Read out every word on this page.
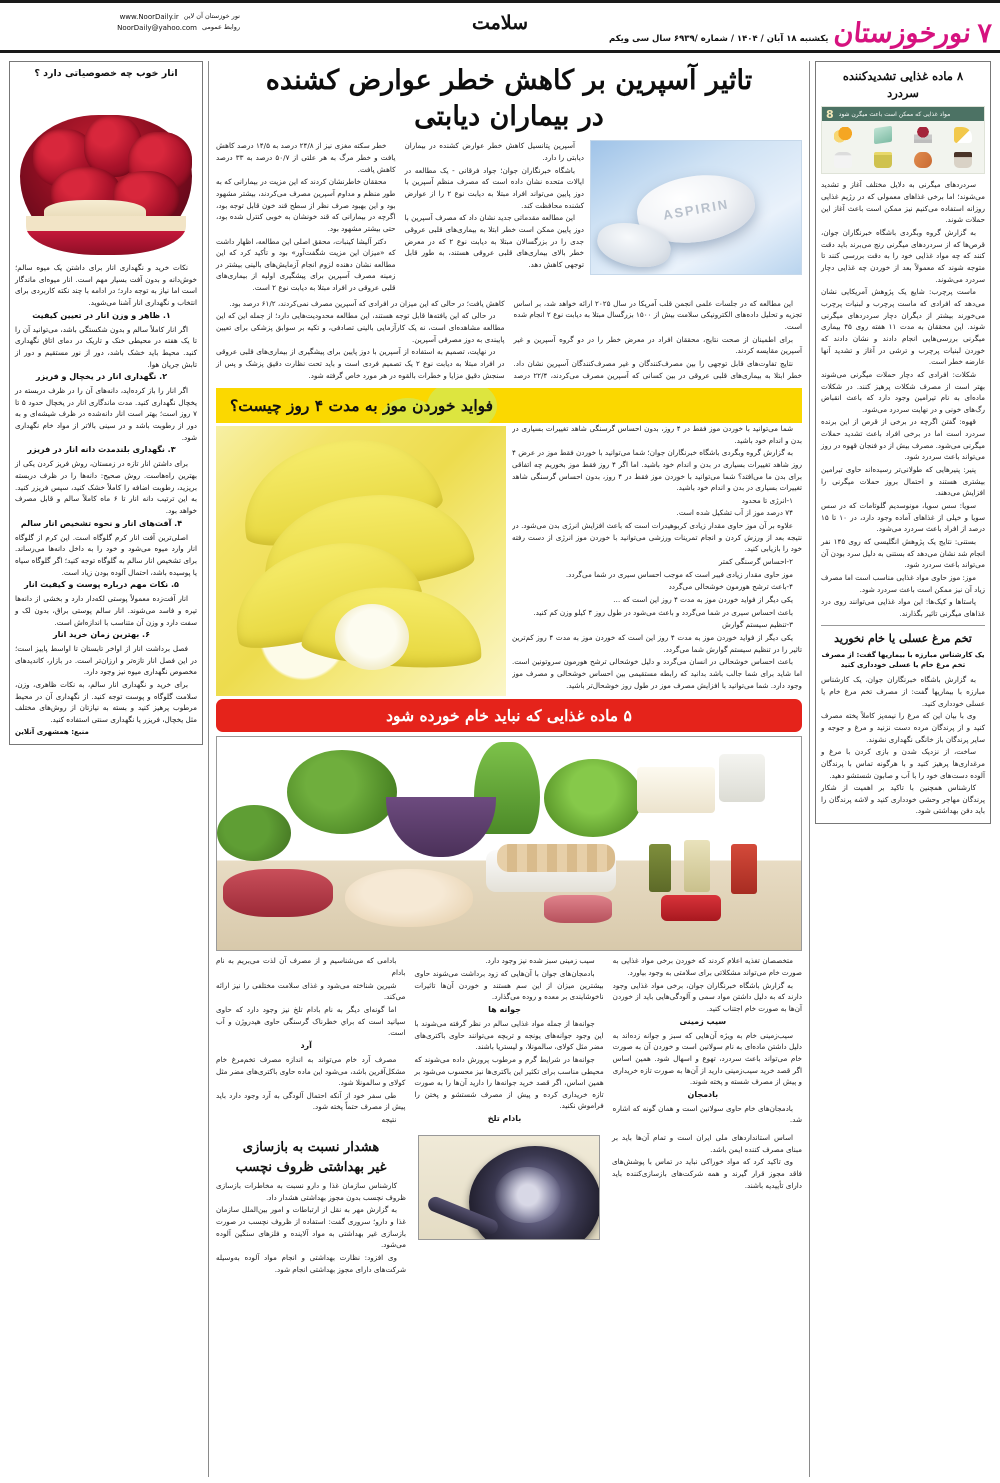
۷
نورخوزستان
یکشنبه ۱۸ آبان / ۱۴۰۴ / شماره /۶۹۳۹ سال سی ویکم
سلامت
www.NoorDaily.ir نور خوزستان آن لاین
NoorDaily@yahoo.com روابط عمومی
۸ ماده غذایی تشدیدکننده
سردرد
مواد غذایی که ممکن است باعث میگرن شود
8

سردردهای میگرنی به دلایل مختلف آغاز و تشدید می‌شوند؛ اما برخی غذاهای معمولی که در رژیم غذایی روزانه استفاده می‌کنیم نیز ممکن است باعث آغاز این حملات شوند.

به گزارش گروه وبگردی باشگاه خبرنگاران جوان، قرص‌ها که از سردردهای میگرنی رنج می‌برند باید دقت کنند که چه مواد غذایی خود را به دقت بررسی کنند تا متوجه شوند که معمولاً بعد از خوردن چه غذایی دچار سردرد می‌شوند.

ماست پرچرب: شایع یک پژوهش آمریکایی نشان می‌دهد که افرادی که ماست پرچرب و لبنیات پرچرب می‌خورند بیشتر از دیگران دچار سردردهای میگرنی شوند. این محققان به مدت ۱۱ هفته روی ۴۵ بیماری میگرنی بررسی‌هایی انجام دادند و نشان دادند که خوردن لبنیات پرچرب و ترشی در آغاز و تشدید آنها عارضه خطر است.

شکلات: افرادی که دچار حملات میگرنی می‌شوند بهتر است از مصرف شکلات پرهیز کنند. در شکلات ماده‌ای به نام تیرامین وجود دارد که باعث انقباض رگ‌های خونی و در نهایت سردرد می‌شود.

قهوه: گفتن اگرچه در برخی از قرص از این برنده سردرد است اما در برخی افراد باعث تشدید حملات میگرنی می‌شود. مصرف بیش از دو فنجان قهوه در روز می‌تواند باعث سردرد شود.

پنیر: پنیرهایی که طولانی‌تر رسیده‌اند حاوی تیرامین بیشتری هستند و احتمال بروز حملات میگرنی را افزایش می‌دهند.

سویا: سس سویا، مونوسدیم گلوتامات که در سس سویا و خیلی از غذاهای آماده وجود دارد، در ۱۰ تا ۱۵ درصد از افراد باعث سردرد می‌شود.

بستنی: نتایج یک پژوهش انگلیسی که روی ۱۴۵ نفر انجام شد نشان می‌دهد که بستنی به دلیل سرد بودن آن می‌تواند باعث سردرد شود.

موز: موز حاوی مواد غذایی مناسب است اما مصرف زیاد آن نیز ممکن است باعث سردرد شود.

پاستاها و کیک‌ها: این مواد غذایی می‌توانند روی درد غذاهای میگرنی تاثیر بگذارند.

تخم مرغ عسلی یا خام نخورید
یک کارشناس مبارزه با بیماریها گفت: از مصرف تخم مرغ خام یا عسلی خودداری کنید

به گزارش باشگاه خبرنگاران جوان، یک کارشناس مبارزه با بیماریها گفت: از مصرف تخم مرغ خام یا عسلی خودداری کنید.

وی با بیان این که مرغ را نیمه‌پز کاملاً پخته مصرف کنید و از پرندگان مرده دست نزنید و مرغ و جوجه و سایر پرندگان باز خانگی نگهداری نشوند.

ساخت، از نزدیک شدن و بازی کردن با مرغ و مرغداری‌ها پرهیز کنید و با هرگونه تماس با پرندگان آلوده دست‌های خود را با آب و صابون شستشو دهید.

کارشناس همچنین با تاکید بر اهمیت از شکار پرندگان مهاجر وحشی خودداری کنید و لاشه پرندگان را باید دفن بهداشتی شود.

تاثیر آسپرین بر کاهش خطر عوارض کشنده
در بیماران دیابتی
ASPIRIN

آسپرین پتانسیل کاهش خطر عوارض کشنده در بیماران دیابتی را دارد.

باشگاه خبرنگاران جوان؛ جواد فرقانی - یک مطالعه در ایالات متحده نشان داده است که مصرف منظم آسپرین با دوز پایین می‌تواند افراد مبتلا به دیابت نوع ۲ را از عوارض کشنده محافظت کند.

این مطالعه مقدماتی جدید نشان داد که مصرف آسپرین با دوز پایین ممکن است خطر ابتلا به بیماری‌های قلبی عروقی جدی را در بزرگسالان مبتلا به دیابت نوع ۲ که در معرض خطر بالای بیماری‌های قلبی عروقی هستند، به طور قابل توجهی کاهش دهد.

خطر سکته مغزی نیز از ۲۴/۸ درصد به ۱۴/۵ درصد کاهش یافت و خطر مرگ به هر علتی از ۵۰/۷ درصد به ۳۳ درصد کاهش یافت.

محققان خاطرنشان کردند که این مزیت در بیمارانی که به طور منظم و مداوم آسپرین مصرف می‌کردند، بیشتر مشهود بود و این بهبود صرف نظر از سطح قند خون قابل توجه بود، اگرچه در بیمارانی که قند خونشان به خوبی کنترل شده بود، حتی بیشتر مشهود بود.

دکتر آلیشا کینبات، محقق اصلی این مطالعه، اظهار داشت که «میزان این مزیت شگفت‌آور» بود و تأکید کرد که این مطالعه نشان دهنده لزوم انجام آزمایش‌های بالینی بیشتر در زمینه مصرف آسپرین برای پیشگیری اولیه از بیماری‌های قلبی عروقی در افراد مبتلا به دیابت نوع ۲ است.

این مطالعه که در جلسات علمی انجمن قلب آمریکا در سال ۲۰۲۵ ارائه خواهد شد، بر اساس تجزیه و تحلیل داده‌های الکترونیکی سلامت بیش از ۱۵۰۰ بزرگسال مبتلا به دیابت نوع ۲ انجام شده است.

برای اطمینان از صحت نتایج، محققان افراد در معرض خطر را در دو گروه آسپرین و غیر آسپرین مقایسه کردند.

نتایج تفاوت‌های قابل توجهی را بین مصرف‌کنندگان و غیر مصرف‌کنندگان آسپرین نشان داد. خطر ابتلا به بیماری‌های قلبی عروقی در بین کسانی که آسپرین مصرف می‌کردند، ۲۲/۴ درصد کاهش یافت؛ در حالی که این میزان در افرادی که آسپرین مصرف نمی‌کردند، ۶۱/۲ درصد بود.

در حالی که این یافته‌ها قابل توجه هستند، این مطالعه محدودیت‌هایی دارد؛ از جمله این که این مطالعه مشاهده‌ای است، نه یک کارآزمایی بالینی تصادفی، و تکیه بر سوابق پزشکی برای تعیین پایبندی به دوز مصرفی آسپرین.

در نهایت، تصمیم به استفاده از آسپرین با دوز پایین برای پیشگیری از بیماری‌های قلبی عروقی در افراد مبتلا به دیابت نوع ۲ یک تصمیم فردی است و باید تحت نظارت دقیق پزشک و پس از سنجش دقیق مزایا و خطرات بالقوه در هر مورد خاص گرفته شود.

فواید خوردن موز به مدت ۴ روز چیست؟

شما می‌توانید با خوردن موز فقط در ۴ روز، بدون احساس گرسنگی شاهد تغییرات بسیاری در بدن و اندام خود باشید.

به گزارش گروه وبگردی باشگاه خبرنگاران جوان؛ شما می‌توانید با خوردن فقط موز در عرض ۴ روز شاهد تغییرات بسیاری در بدن و اندام خود باشید. اما اگر ۴ روز فقط موز بخوریم چه اتفاقی برای بدن ما می‌افتد؟ شما می‌توانید با خوردن موز فقط در ۴ روز، بدون احساس گرسنگی شاهد تغییرات بسیاری در بدن و اندام خود باشید.

۱-انرژی تا محدود

۷۴ درصد موز از آب تشکیل شده است.

علاوه بر آن موز حاوی مقدار زیادی کربوهیدرات است که باعث افزایش انرژی بدن می‌شود. در نتیجه بعد از ورزش کردن و انجام تمرینات ورزشی می‌توانید با خوردن موز انرژی از دست رفته خود را بازیابی کنید.

۲-احساس گرسنگی کمتر

موز حاوی مقدار زیادی فیبر است که موجب احساس سیری در شما می‌گردد.

۴-باعث ترشح هورمون خوشحالی می‌گردد

یکی دیگر از فواید خوردن موز به مدت ۴ روز این است که …

باعث احساس سیری در شما می‌گردد و باعث می‌شود در طول روز ۴ کیلو وزن کم کنید.

۳-تنظیم سیستم گوارش

یکی دیگر از فواید خوردن موز به مدت ۴ روز این است که خوردن موز به مدت ۴ روز کم‌ترین تاثیر را در تنظیم سیستم گوارش شما می‌گردد.

باعث احساس خوشحالی در انسان می‌گردد و دلیل خوشحالی ترشح هورمون سروتونین است. اما شاید برای شما جالب باشد بدانید که رابطه مستقیمی بین احساس خوشحالی و مصرف موز وجود دارد. شما می‌توانید با افزایش مصرف موز در طول روز خوشحال‌تر باشید.

۵ ماده غذایی که نباید خام خورده شود

متخصصان تغذیه اعلام کردند که خوردن برخی مواد غذایی به صورت خام می‌تواند مشکلاتی برای سلامتی به وجود بیاورد.

به گزارش باشگاه خبرنگاران جوان، برخی مواد غذایی وجود دارند که به دلیل داشتن مواد سمی و آلودگی‌هایی باید از خوردن آن‌ها به صورت خام اجتناب کنید.

سیب زمینی

سیب‌زمینی خام به ویژه آن‌هایی که سبز و جوانه زده‌اند به دلیل داشتن ماده‌ای به نام سولانین است و خوردن آن به صورت خام می‌تواند باعث سردرد، تهوع و اسهال شود. همین اساس اگر قصد خرید سیب‌زمینی دارید از آن‌ها به صورت تازه خریداری و پیش از مصرف شسته و پخته شوند.

بادمجان

بادمجان‌های خام حاوی سولانین است و همان گونه که اشاره شد.

سیب زمینی سبز شده نیز وجود دارد.

بادمجان‌های جوان با آن‌هایی که زود برداشت می‌شوند حاوی بیشترین میزان از این سم هستند و خوردن آن‌ها تاثیرات ناخوشایندی بر معده و روده می‌گذارد.

جوانه ها

جوانه‌ها از جمله مواد غذایی سالم در نظر گرفته می‌شوند با این وجود جوانه‌های یونجه و تربچه می‌توانند حاوی باکتری‌های مضر مثل کولای، سالمونلا، و لیستریا باشند.

جوانه‌ها در شرایط گرم و مرطوب پرورش داده می‌شوند که محیطی مناسب برای تکثیر این باکتری‌ها نیز محسوب می‌شود بر همین اساس، اگر قصد خرید جوانه‌ها را دارید آن‌ها را به صورت تازه خریداری کرده و پیش از مصرف شستشو و پختن را فراموش نکنید.

بادام تلخ

بادامی که می‌شناسیم و از مصرف آن لذت می‌بریم به نام بادام

شیرین شناخته می‌شود و غذای سلامت مختلفی را نیز ارائه می‌کند.

اما گونه‌ای دیگر به نام بادام تلخ نیز وجود دارد که حاوی سیانید است که براي خطرناک گرسنگی حاوی هیدروژن و آب است.

آرد

مصرف آرد خام می‌تواند به اندازه مصرف تخم‌مرغ خام مشکل‌آفرین باشد، می‌شود این ماده حاوی باکتری‌های مضر مثل کولای و سالمونلا شود.

طی سفر خود از آنکه احتمال آلودگی به آرد وجود دارد باید پیش از مصرف حتماً پخته شود.

نتیجه

اساس استانداردهای ملی ایران است و تمام آن‌ها باید بر مبنای مصرف کننده ایمن باشد.

وی تاکید کرد که مواد خوراکی نباید در تماس با پوشش‌های فاقد مجوز قرار گیرند و همه شرکت‌های بازسازی‌کننده باید دارای تأییدیه باشند.

هشدار نسبت به بازسازی
غیر بهداشتی ظروف نچسب

کارشناس سازمان غذا و دارو نسبت به مخاطرات بازسازی ظروف نچسب بدون مجوز بهداشتی هشدار داد.

به گزارش مهر به نقل از ارتباطات و امور بین‌الملل سازمان غذا و دارو؛ سروری گفت: استفاده از ظروف نچسب در صورت بازسازی غیر بهداشتی به مواد آلاینده و فلزهای سنگین آلوده می‌شود.

وی افزود: نظارت بهداشتی و انجام مواد آلوده به‌وسیله شرکت‌های دارای مجوز بهداشتی انجام شود.

انار خوب چه خصوصیاتی دارد ؟

نکات خرید و نگهداری انار برای داشتن یک میوه سالم؛ خوش‌دانه و بدون آفت بسیار مهم است. انار میوه‌ای ماندگار است اما نیاز به توجه دارد؛ در ادامه با چند نکته کاربردی برای انتخاب و نگهداری انار آشنا می‌شوید.

۱. ظاهر و وزن انار در تعیین کیفیت

اگر انار کاملاً سالم و بدون شکستگی باشد، می‌توانید آن را تا یک هفته در محیطی خنک و تاریک در دمای اتاق نگهداری کنید. محیط باید خشک باشد، دور از نور مستقیم و دور از تابش جریان هوا.

۲. نگهداری انار در یخچال و فریزر

اگر انار را باز کرده‌اید، دانه‌های آن را در ظرف دربسته در یخچال نگهداری کنید. مدت ماندگاری انار در یخچال حدود ۵ تا ۷ روز است؛ بهتر است انار دانه‌شده در ظرف شیشه‌ای و به دور از رطوبت باشد و در سینی بالاتر از مواد خام نگهداری شود.

۳. نگهداری بلندمدت دانه انار در فریزر

برای داشتن انار تازه در زمستان، روش فریز کردن یکی از بهترین راه‌هاست. روش صحیح: دانه‌ها را در ظرف دربسته بریزید، رطوبت اضافه را کاملاً خشک کنید، سپس فریزر کنید. به این ترتیب دانه انار تا ۶ ماه کاملاً سالم و قابل مصرف خواهد بود.

۴. آفت‌های انار و نحوه تشخیص انار سالم

اصلی‌ترین آفت انار کرم گلوگاه است. این کرم از گلوگاه انار وارد میوه می‌شود و خود را به داخل دانه‌ها می‌رساند. برای تشخیص انار سالم به گلوگاه توجه کنید؛ اگر گلوگاه سیاه یا پوسیده باشد، احتمال آلوده بودن زیاد است.

۵. نکات مهم درباره پوست و کیفیت انار

انار آفت‌زده معمولاً پوستی لکه‌دار دارد و بخشی از دانه‌ها تیره و فاسد می‌شوند. انار سالم پوستی براق، بدون لک و سفت دارد و وزن آن متناسب با اندازه‌اش است.

۶. بهترین زمان خرید انار

فصل برداشت انار از اواخر تابستان تا اواسط پاییز است؛ در این فصل انار تازه‌تر و ارزان‌تر است. در بازار، کاندیدهای مخصوص نگهداری میوه نیز وجود دارد.

برای خرید و نگهداری انار سالم، به نکات ظاهری، وزن، سلامت گلوگاه و پوست توجه کنید. از نگهداری آن در محیط مرطوب پرهیز کنید و بسته به نیازتان از روش‌های مختلف مثل یخچال، فریزر یا نگهداری سنتی استفاده کنید.

منبع: همشهری آنلاین
